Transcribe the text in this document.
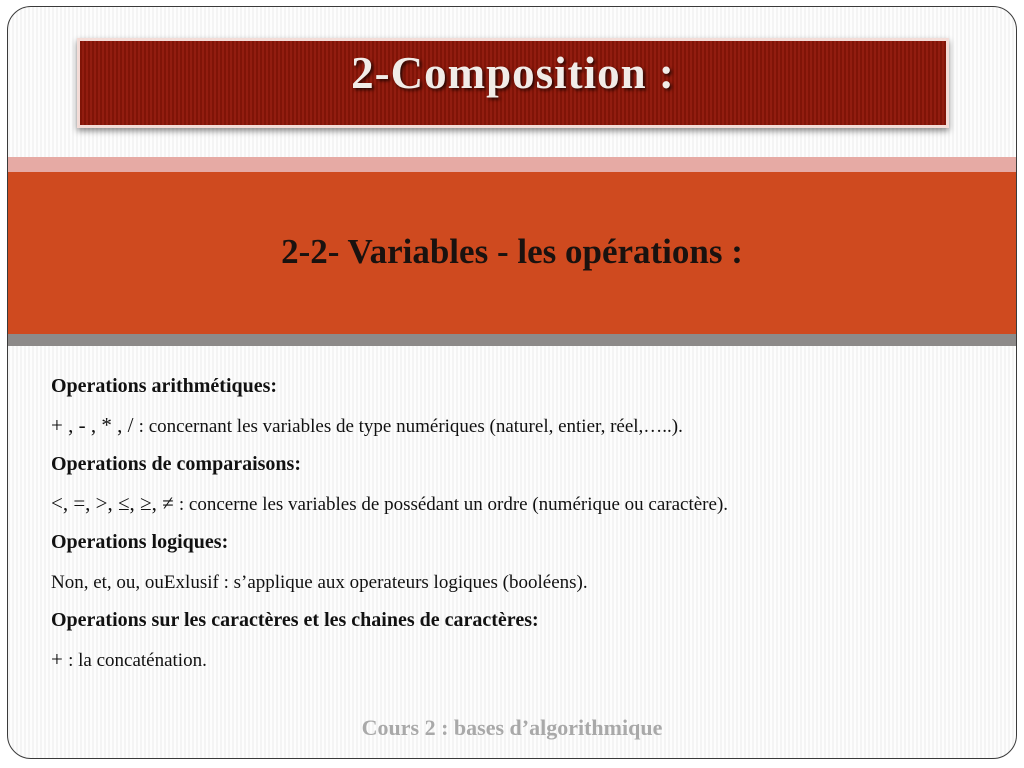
2-Composition :
2-2- Variables - les opérations :
Operations arithmétiques:
+ , - , * , / : concernant les variables de type numériques (naturel, entier, réel,…..).
Operations de comparaisons:
<, =, >, ≤, ≥, ≠ : concerne les variables de possédant un ordre (numérique ou caractère).
Operations logiques:
Non, et, ou, ouExlusif : s’applique aux operateurs logiques (booléens).
Operations sur les caractères et les chaines de caractères:
+ : la concaténation.
Cours 2 : bases d’algorithmique
